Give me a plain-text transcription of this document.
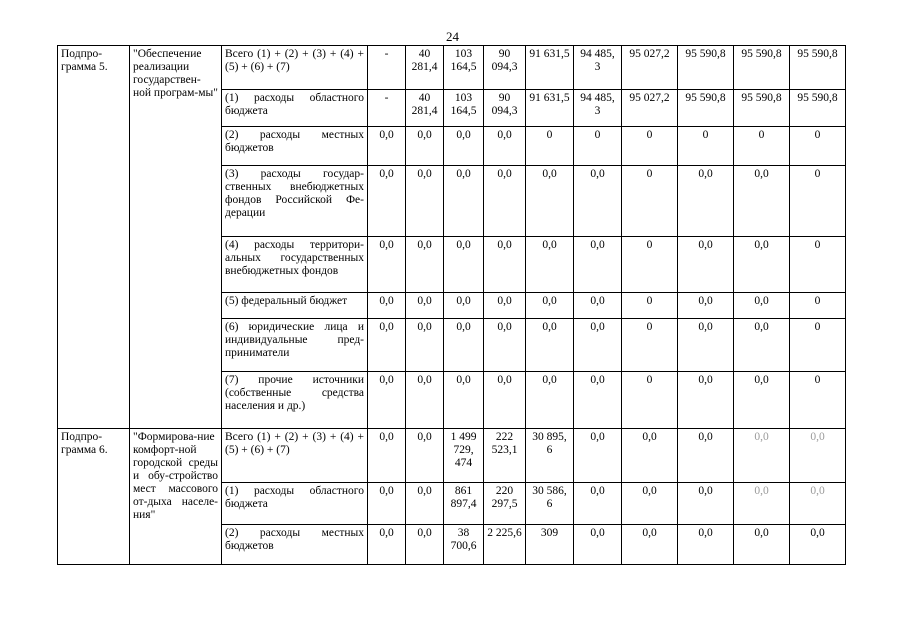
24
Подпро-грамма 5.	"Обеспечение реализации государствен-ной програм-мы"	Всего (1) + (2) + (3) + (4) + (5) + (6) + (7)	-	40 281,4	103 164,5	90 094,3	91 631,5	94 485, 3	95 027,2	95 590,8	95 590,8	95 590,8
		(1) расходы областного бюджета	-	40 281,4	103 164,5	90 094,3	91 631,5	94 485, 3	95 027,2	95 590,8	95 590,8	95 590,8
		(2) расходы местных бюджетов	0,0	0,0	0,0	0,0	0	0	0	0	0	0
		(3) расходы государ-ственных внебюджетных фондов Российской Фе-дерации	0,0	0,0	0,0	0,0	0,0	0,0	0	0,0	0,0	0
		(4) расходы территори-альных государственных внебюджетных фондов	0,0	0,0	0,0	0,0	0,0	0,0	0	0,0	0,0	0
		(5) федеральный бюджет	0,0	0,0	0,0	0,0	0,0	0,0	0	0,0	0,0	0
		(6) юридические лица и индивидуальные пред-приниматели	0,0	0,0	0,0	0,0	0,0	0,0	0	0,0	0,0	0
		(7) прочие источники (собственные средства населения и др.)	0,0	0,0	0,0	0,0	0,0	0,0	0	0,0	0,0	0
Подпро-грамма 6.	"Формирова-ние комфорт-ной городской среды и обу-стройство мест массового от-дыха населе-ния"	Всего (1) + (2) + (3) + (4) + (5) + (6) + (7)	0,0	0,0	1 499 729, 474	222 523,1	30 895, 6	0,0	0,0	0,0	0,0	0,0
		(1) расходы областного бюджета	0,0	0,0	861 897,4	220 297,5	30 586, 6	0,0	0,0	0,0	0,0	0,0
		(2) расходы местных бюджетов	0,0	0,0	38 700,6	2 225,6	309	0,0	0,0	0,0	0,0	0,0
